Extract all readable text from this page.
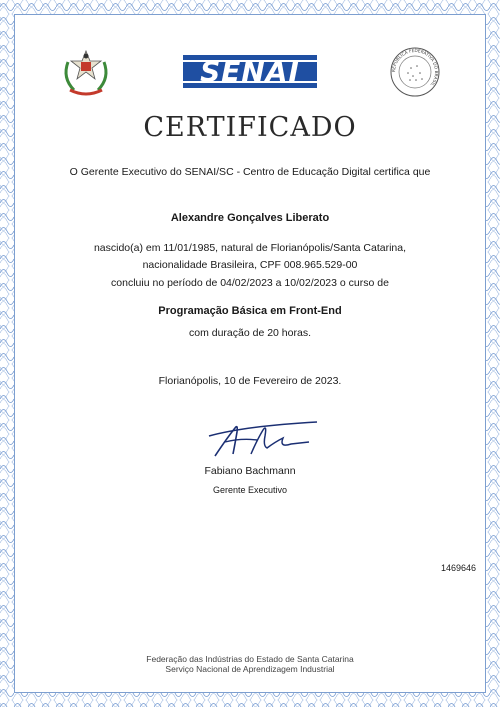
SENAI	REPÚBLICA FEDERATIVA DO BRASIL
CERTIFICADO
O Gerente Executivo do SENAI/SC - Centro de Educação Digital certifica que
Alexandre Gonçalves Liberato
nascido(a) em 11/01/1985, natural de Florianópolis/Santa Catarina,
nacionalidade Brasileira, CPF 008.965.529-00
concluiu no período de 04/02/2023 a 10/02/2023 o curso de
Programação Básica em Front-End
com duração de 20 horas.
Florianópolis, 10 de Fevereiro de 2023.
Fabiano Bachmann
Gerente Executivo
1469646
Federação das Indústrias do Estado de Santa Catarina
Serviço Nacional de Aprendizagem Industrial
